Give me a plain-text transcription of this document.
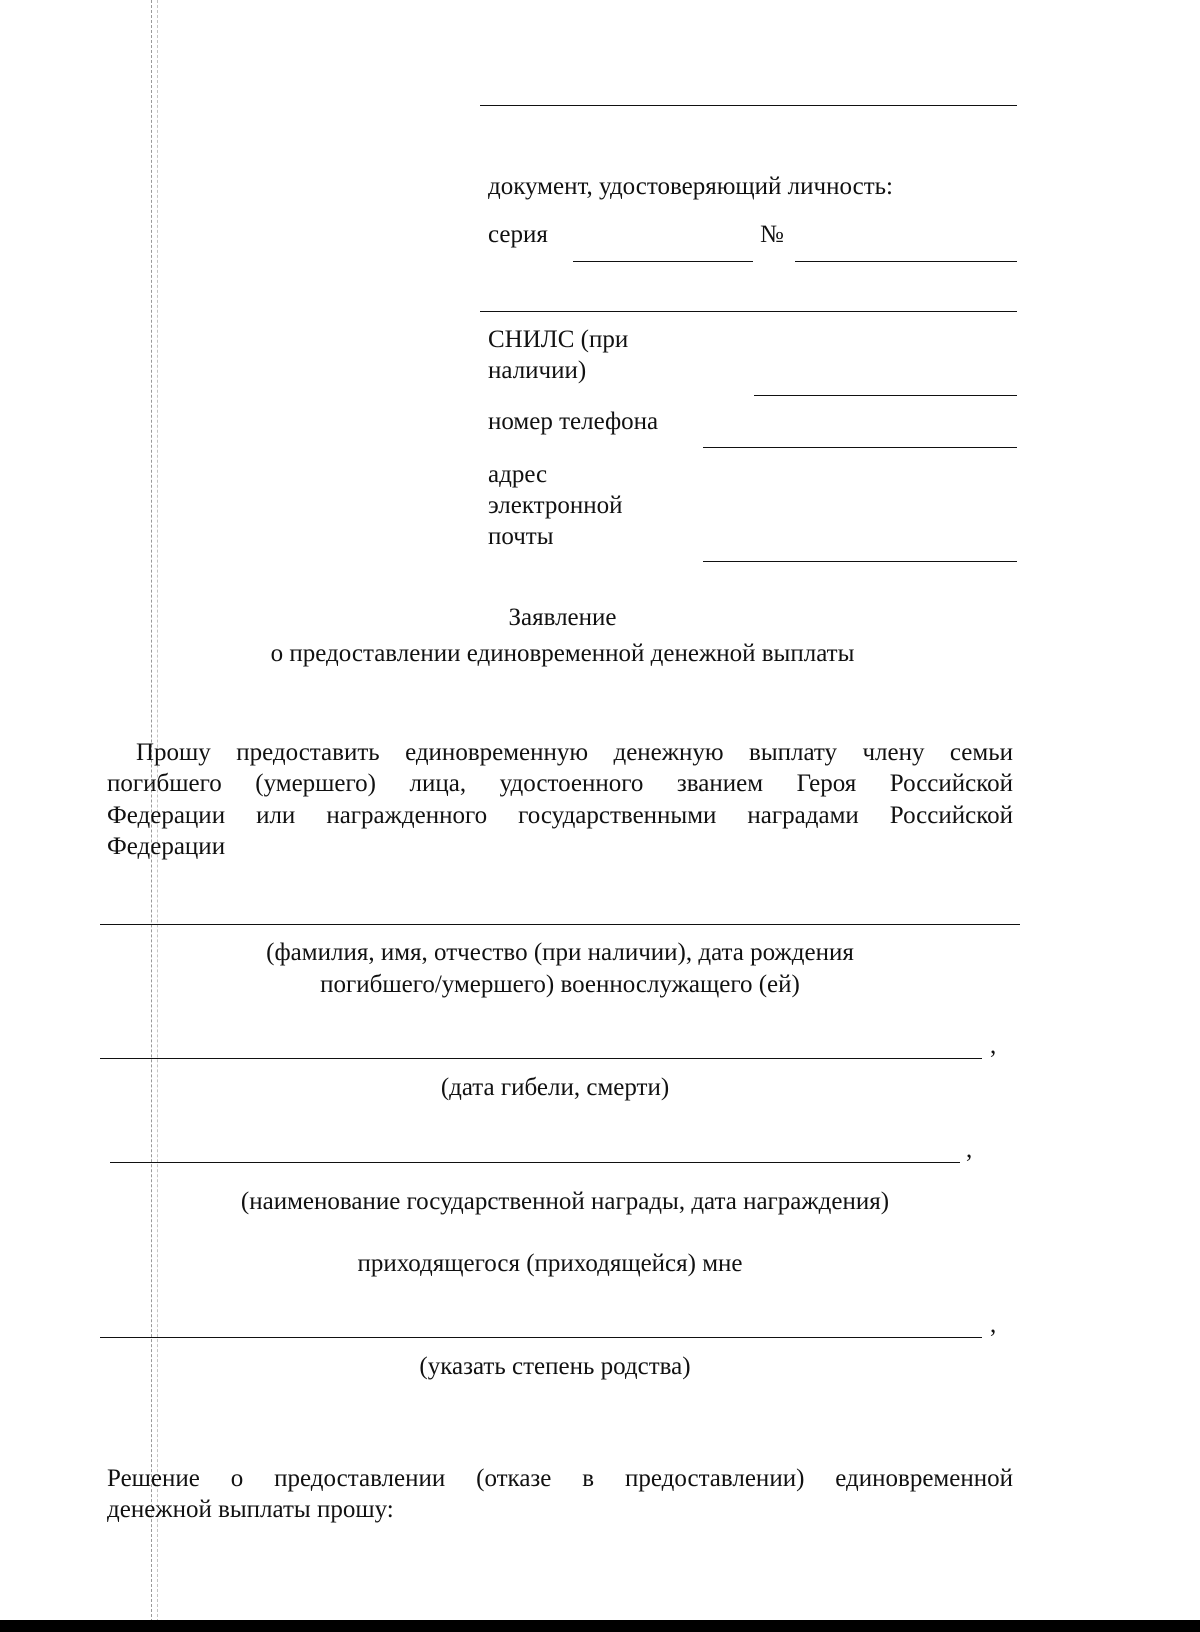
документ, удостоверяющий личность:
серия	№
СНИЛС (при
наличии)
номер телефона
адрес
электронной
почты
Заявление
о предоставлении единовременной денежной выплаты
Прошу предоставить единовременную денежную выплату члену семьи
погибшего (умершего) лица, удостоенного званием Героя Российской
Федерации или награжденного государственными наградами Российской
Федерации
(фамилия, имя, отчество (при наличии), дата рождения
погибшего/умершего) военнослужащего (ей)
,
(дата гибели, смерти)
,
(наименование государственной награды, дата награждения)
приходящегося (приходящейся) мне
,
(указать степень родства)
Решение о предоставлении (отказе в предоставлении) единовременной
денежной выплаты прошу:
